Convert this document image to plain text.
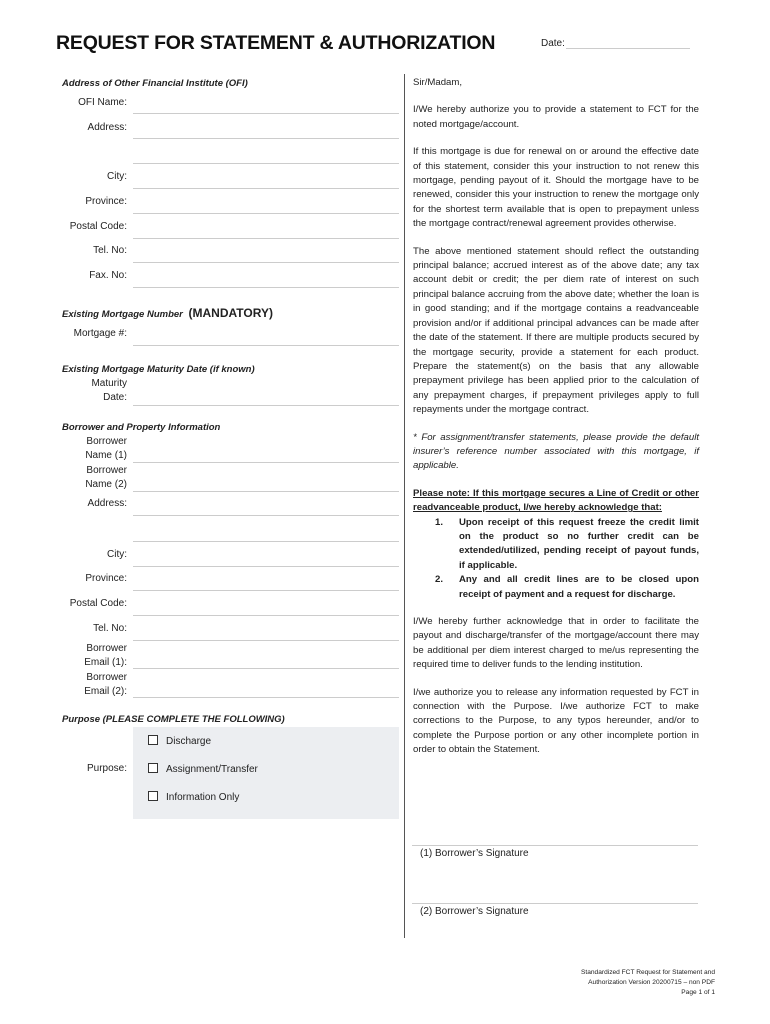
REQUEST FOR STATEMENT & AUTHORIZATION	Date:
Address of Other Financial Institute (OFI)
OFI Name:
Address:
City:
Province:
Postal Code:
Tel. No:
Fax. No:
Existing Mortgage Number (MANDATORY)
Mortgage #:
Existing Mortgage Maturity Date (if known)
Maturity
Date:
Borrower and Property Information
Borrower
Name (1)
Borrower
Name (2)
Address:
City:
Province:
Postal Code:
Tel. No:
Borrower
Email (1):
Borrower
Email (2):
Purpose (PLEASE COMPLETE THE FOLLOWING)
Purpose:
Discharge
Assignment/Transfer
Information Only

Sir/Madam,

I/We hereby authorize you to provide a statement to FCT for the noted mortgage/account.

If this mortgage is due for renewal on or around the effective date of this statement, consider this your instruction to not renew this mortgage, pending payout of it. Should the mortgage have to be renewed, consider this your instruction to renew the mortgage only for the shortest term available that is open to prepayment unless the mortgage contract/renewal agreement provides otherwise.

The above mentioned statement should reflect the outstanding principal balance; accrued interest as of the above date; any tax account debit or credit; the per diem rate of interest on such principal balance accruing from the above date; whether the loan is in good standing; and if the mortgage contains a readvanceable provision and/or if additional principal advances can be made after the date of the statement. If there are multiple products secured by the mortgage security, provide a statement for each product. Prepare the statement(s) on the basis that any allowable prepayment privilege has been applied prior to the calculation of any prepayment charges, if prepayment privileges apply to full repayments under the mortgage contract.

* For assignment/transfer statements, please provide the default insurer’s reference number associated with this mortgage, if applicable.

Please note: If this mortgage secures a Line of Credit or other readvanceable product, I/we hereby acknowledge that:

1. Upon receipt of this request freeze the credit limit on the product so no further credit can be extended/utilized, pending receipt of payout funds, if applicable.
2. Any and all credit lines are to be closed upon receipt of payment and a request for discharge.

I/We hereby further acknowledge that in order to facilitate the payout and discharge/transfer of the mortgage/account there may be additional per diem interest charged to me/us representing the required time to deliver funds to the lending institution.

I/we authorize you to release any information requested by FCT in connection with the Purpose. I/we authorize FCT to make corrections to the Purpose, to any typos hereunder, and/or to complete the Purpose portion or any other incomplete portion in order to obtain the Statement.

(1) Borrower’s Signature
(2) Borrower’s Signature
Standardized FCT Request for Statement and
Authorization Version 20200715 – non PDF
Page 1 of 1
